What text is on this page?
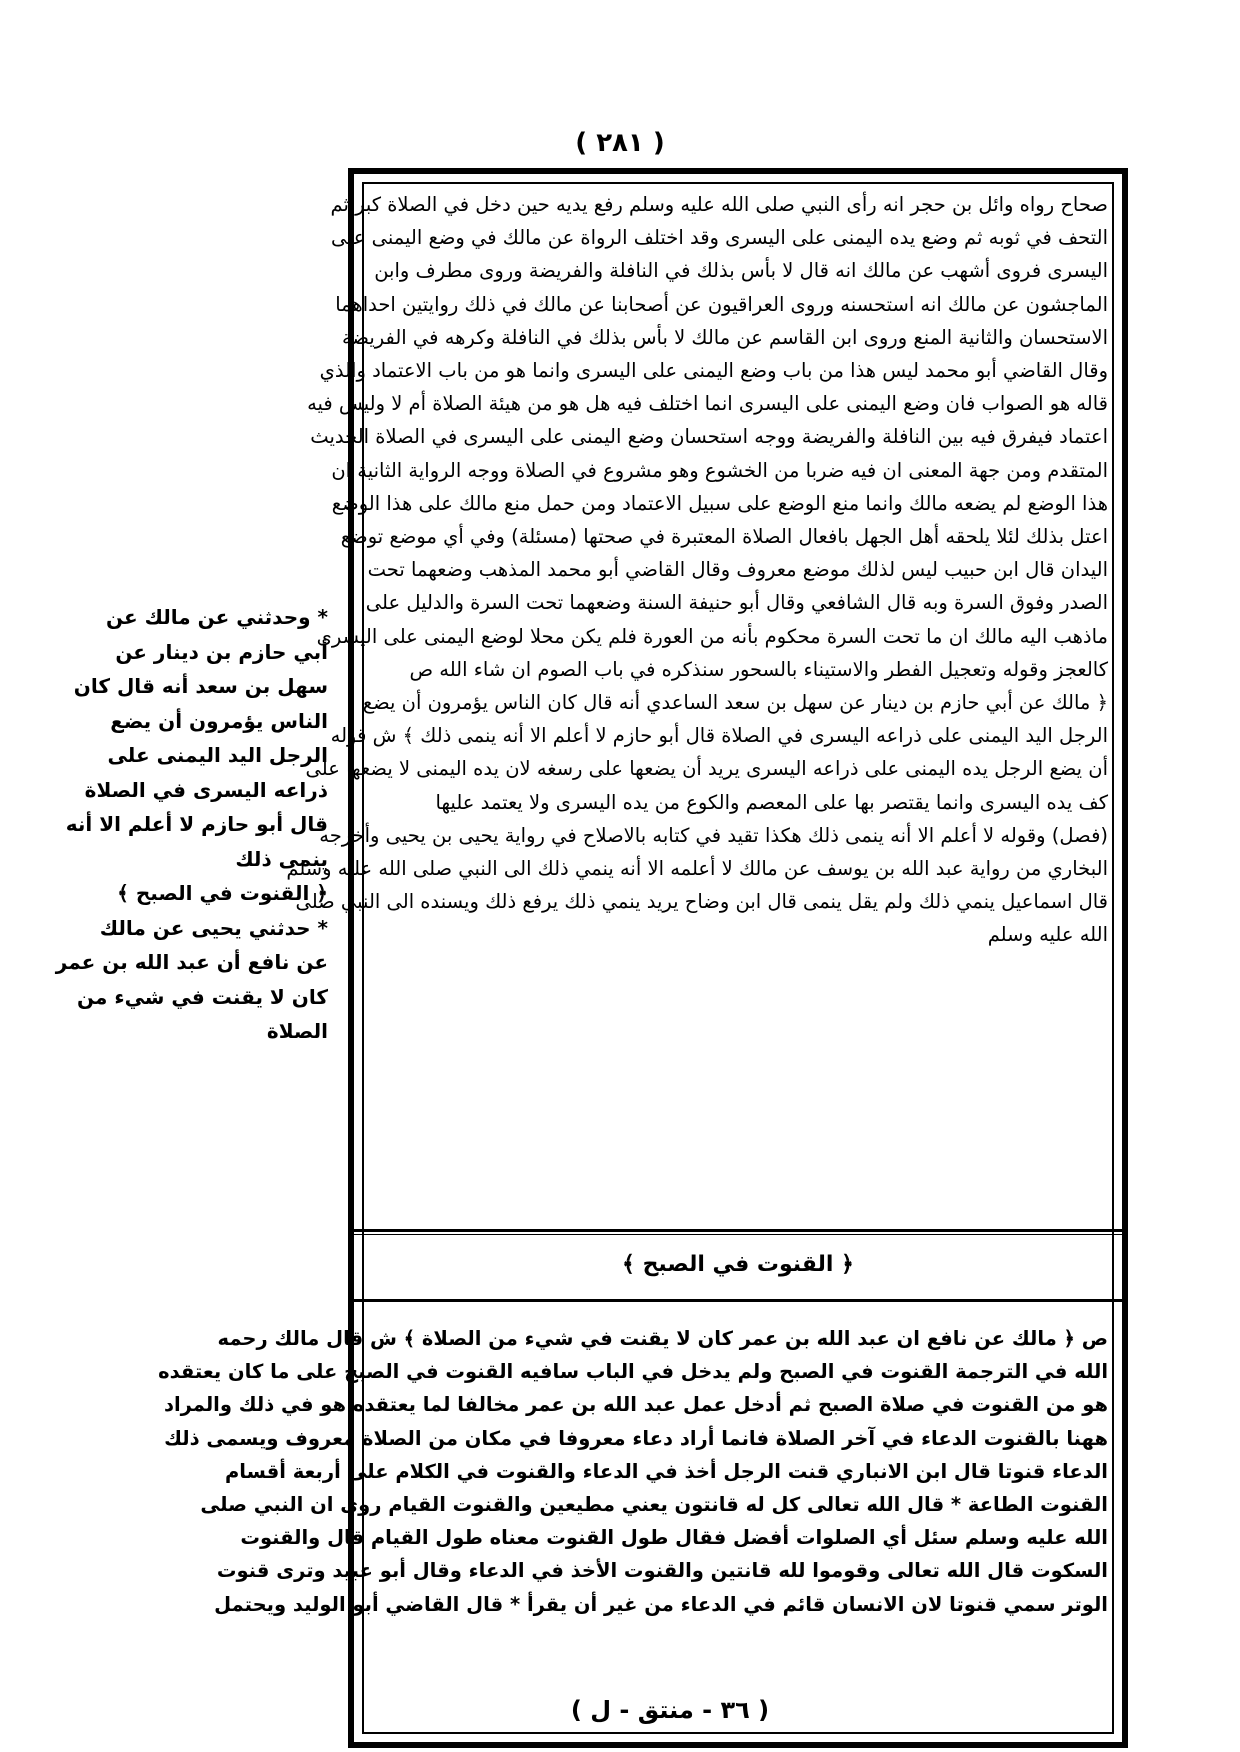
( ٢٨١ )
* وحدثني عن مالك عن
أبي حازم بن دينار عن
سهل بن سعد أنه قال كان
الناس يؤمرون أن يضع
الرجل اليد اليمنى على
ذراعه اليسرى في الصلاة
قال أبو حازم لا أعلم الا أنه
ينمى ذلك
﴿ القنوت في الصبح ﴾
* حدثني يحيى عن مالك
عن نافع أن عبد الله بن عمر
كان لا يقنت في شيء من
الصلاة
صحاح رواه وائل بن حجر انه رأى النبي صلى الله عليه وسلم رفع يديه حين دخل في الصلاة كبر ثم
التحف في ثوبه ثم وضع يده اليمنى على اليسرى وقد اختلف الرواة عن مالك في وضع اليمنى على
اليسرى فروى أشهب عن مالك انه قال لا بأس بذلك في النافلة والفريضة وروى مطرف وابن
الماجشون عن مالك انه استحسنه وروى العراقيون عن أصحابنا عن مالك في ذلك روايتين احداهما
الاستحسان والثانية المنع وروى ابن القاسم عن مالك لا بأس بذلك في النافلة وكرهه في الفريضة
وقال القاضي أبو محمد ليس هذا من باب وضع اليمنى على اليسرى وانما هو من باب الاعتماد والذي
قاله هو الصواب فان وضع اليمنى على اليسرى انما اختلف فيه هل هو من هيئة الصلاة أم لا وليس فيه
اعتماد فيفرق فيه بين النافلة والفريضة ووجه استحسان وضع اليمنى على اليسرى في الصلاة الحديث
المتقدم ومن جهة المعنى ان فيه ضربا من الخشوع وهو مشروع في الصلاة ووجه الرواية الثانية ان
هذا الوضع لم يضعه مالك وانما منع الوضع على سبيل الاعتماد ومن حمل منع مالك على هذا الوضع
اعتل بذلك لئلا يلحقه أهل الجهل بافعال الصلاة المعتبرة في صحتها (مسئلة) وفي أي موضع توضع
اليدان قال ابن حبيب ليس لذلك موضع معروف وقال القاضي أبو محمد المذهب وضعهما تحت
الصدر وفوق السرة وبه قال الشافعي وقال أبو حنيفة السنة وضعهما تحت السرة والدليل على
ماذهب اليه مالك ان ما تحت السرة محكوم بأنه من العورة فلم يكن محلا لوضع اليمنى على اليسرى
كالعجز وقوله وتعجيل الفطر والاستيناء بالسحور سنذكره في باب الصوم ان شاء الله ص
﴿ مالك عن أبي حازم بن دينار عن سهل بن سعد الساعدي أنه قال كان الناس يؤمرون أن يضع
الرجل اليد اليمنى على ذراعه اليسرى في الصلاة قال أبو حازم لا أعلم الا أنه ينمى ذلك ﴾ ش قوله
أن يضع الرجل يده اليمنى على ذراعه اليسرى يريد أن يضعها على رسغه لان يده اليمنى لا يضعها على
كف يده اليسرى وانما يقتصر بها على المعصم والكوع من يده اليسرى ولا يعتمد عليها
(فصل) وقوله لا أعلم الا أنه ينمى ذلك هكذا تقيد في كتابه بالاصلاح في رواية يحيى بن يحيى وأخرجه
البخاري من رواية عبد الله بن يوسف عن مالك لا أعلمه الا أنه ينمي ذلك الى النبي صلى الله عليه وسلم
قال اسماعيل ينمي ذلك ولم يقل ينمى قال ابن وضاح يريد ينمي ذلك يرفع ذلك ويسنده الى النبي صلى
الله عليه وسلم
﴿ القنوت في الصبح ﴾
ص ﴿ مالك عن نافع ان عبد الله بن عمر كان لا يقنت في شيء من الصلاة ﴾ ش قال مالك رحمه
الله في الترجمة القنوت في الصبح ولم يدخل في الباب سافيه القنوت في الصبح على ما كان يعتقده
هو من القنوت في صلاة الصبح ثم أدخل عمل عبد الله بن عمر مخالفا لما يعتقده هو في ذلك والمراد
ههنا بالقنوت الدعاء في آخر الصلاة فانما أراد دعاء معروفا في مكان من الصلاة معروف ويسمى ذلك
الدعاء قنوتا قال ابن الانباري قنت الرجل أخذ في الدعاء والقنوت في الكلام على أربعة أقسام
القنوت الطاعة * قال الله تعالى كل له قانتون يعني مطيعين والقنوت القيام روى ان النبي صلى
الله عليه وسلم سئل أي الصلوات أفضل فقال طول القنوت معناه طول القيام قال والقنوت
السكوت قال الله تعالى وقوموا لله قانتين والقنوت الأخذ في الدعاء وقال أبو عبيد وترى قنوت
الوتر سمي قنوتا لان الانسان قائم في الدعاء من غير أن يقرأ * قال القاضي أبو الوليد ويحتمل
( ٣٦ - منتق - ل )
